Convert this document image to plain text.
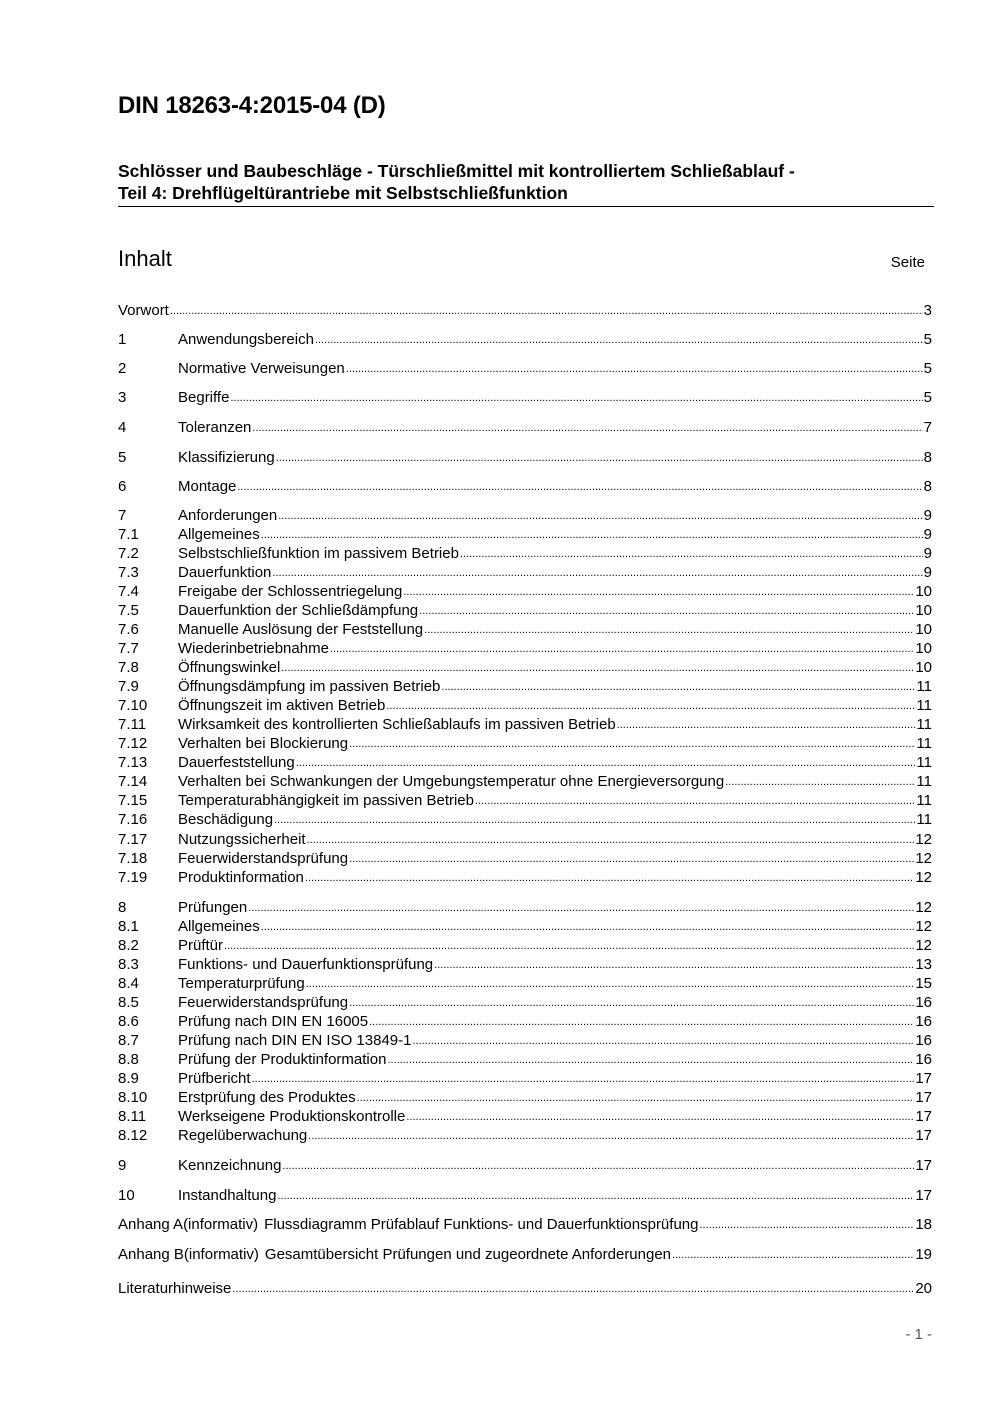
DIN 18263-4:2015-04 (D)
Schlösser und Baubeschläge - Türschließmittel mit kontrolliertem Schließablauf -
Teil 4: Drehflügeltürantriebe mit Selbstschließfunktion
Inhalt	Seite
Vorwort .....	3
1	Anwendungsbereich .....	5
2	Normative Verweisungen .....	5
3	Begriffe .....	5
4	Toleranzen .....	7
5	Klassifizierung .....	8
6	Montage .....	8
7	Anforderungen .....	9
7.1	Allgemeines .....	9
7.2	Selbstschließfunktion im passivem Betrieb .....	9
7.3	Dauerfunktion .....	9
7.4	Freigabe der Schlossentriegelung .....	10
7.5	Dauerfunktion der Schließdämpfung .....	10
7.6	Manuelle Auslösung der Feststellung .....	10
7.7	Wiederinbetriebnahme .....	10
7.8	Öffnungswinkel .....	10
7.9	Öffnungsdämpfung im passiven Betrieb .....	11
7.10	Öffnungszeit im aktiven Betrieb .....	11
7.11	Wirksamkeit des kontrollierten Schließablaufs im passiven Betrieb .....	11
7.12	Verhalten bei Blockierung .....	11
7.13	Dauerfeststellung .....	11
7.14	Verhalten bei Schwankungen der Umgebungstemperatur ohne Energieversorgung .....	11
7.15	Temperaturabhängigkeit im passiven Betrieb .....	11
7.16	Beschädigung .....	11
7.17	Nutzungssicherheit .....	12
7.18	Feuerwiderstandsprüfung .....	12
7.19	Produktinformation .....	12
8	Prüfungen .....	12
8.1	Allgemeines .....	12
8.2	Prüftür .....	12
8.3	Funktions- und Dauerfunktionsprüfung .....	13
8.4	Temperaturprüfung .....	15
8.5	Feuerwiderstandsprüfung .....	16
8.6	Prüfung nach DIN EN 16005 .....	16
8.7	Prüfung nach DIN EN ISO 13849-1 .....	16
8.8	Prüfung der Produktinformation .....	16
8.9	Prüfbericht .....	17
8.10	Erstprüfung des Produktes .....	17
8.11	Werkseigene Produktionskontrolle .....	17
8.12	Regelüberwachung .....	17
9	Kennzeichnung .....	17
10	Instandhaltung .....	17
Anhang A (informativ) Flussdiagramm Prüfablauf Funktions- und Dauerfunktionsprüfung .....	18
Anhang B (informativ) Gesamtübersicht Prüfungen und zugeordnete Anforderungen .....	19
Literaturhinweise .....	20
- 1 -
